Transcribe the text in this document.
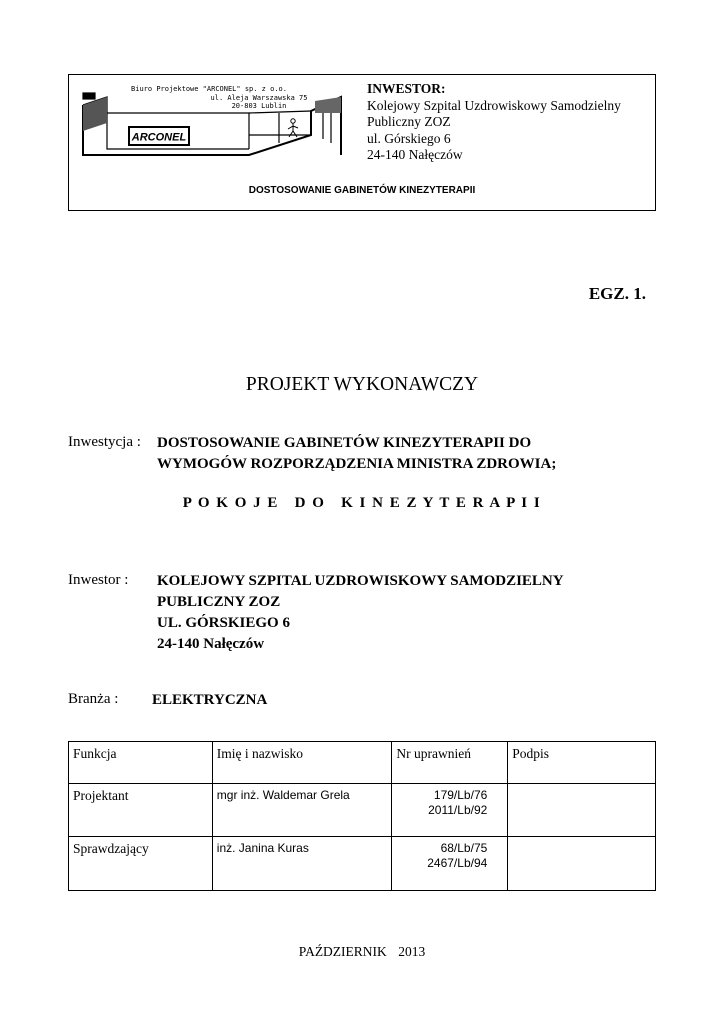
ARCONEL
Biuro Projektowe "ARCONEL" sp. z o.o.
ul. Aleja Warszawska 75
20-803 Lublin
INWESTOR:
Kolejowy Szpital Uzdrowiskowy Samodzielny
Publiczny ZOZ
ul. Górskiego 6
24-140 Nałęczów
DOSTOSOWANIE GABINETÓW KINEZYTERAPII
EGZ. 1.
PROJEKT WYKONAWCZY
Inwestycja : DOSTOSOWANIE GABINETÓW KINEZYTERAPII DO
WYMOGÓW ROZPORZĄDZENIA MINISTRA ZDROWIA;
P O K O J E   D O   K I N E Z Y T E R A P I I
Inwestor : KOLEJOWY SZPITAL UZDROWISKOWY SAMODZIELNY
PUBLICZNY ZOZ
UL. GÓRSKIEGO 6
24-140 Nałęczów
Branża : ELEKTRYCZNA
Funkcja	Imię i nazwisko	Nr uprawnień	Podpis
Projektant	mgr inż. Waldemar Grela	179/Lb/76
2011/Lb/92	

Sprawdzający	inż. Janina Kuras	68/Lb/75
2467/Lb/94	

PAŹDZIERNIK 2013
